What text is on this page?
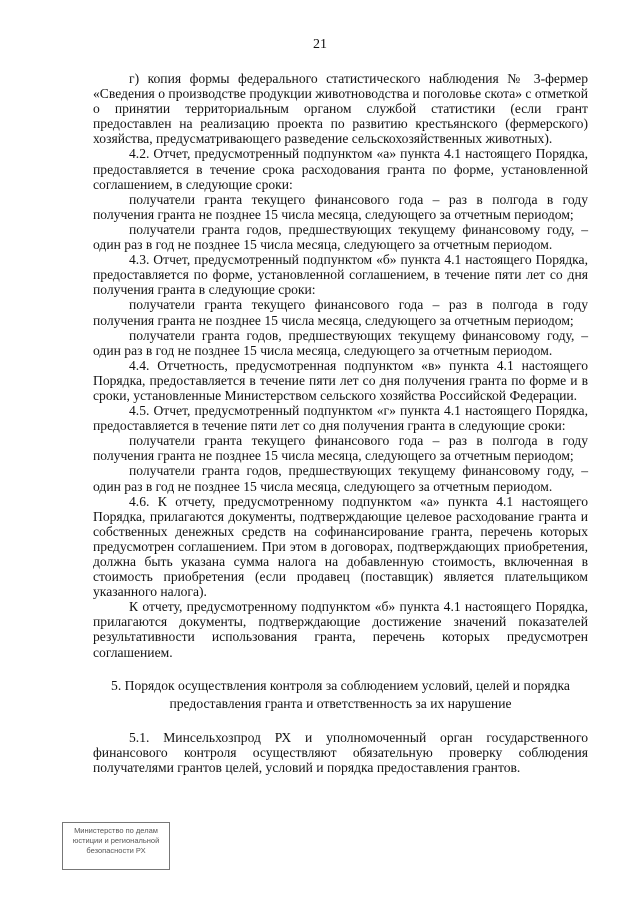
21

г) копия формы федерального статистического наблюдения № 3-фермер «Сведения о производстве продукции животноводства и поголовье скота» с отметкой о принятии территориальным органом службой статистики (если грант предоставлен на реализацию проекта по развитию крестьянского (фермерского) хозяйства, предусматривающего разведение сельскохозяйственных животных).

4.2. Отчет, предусмотренный подпунктом «а» пункта 4.1 настоящего Порядка, предоставляется в течение срока расходования гранта по форме, установленной соглашением, в следующие сроки:

получатели гранта текущего финансового года – раз в полгода в году получения гранта не позднее 15 числа месяца, следующего за отчетным периодом;

получатели гранта годов, предшествующих текущему финансовому году, – один раз в год не позднее 15 числа месяца, следующего за отчетным периодом.

4.3. Отчет, предусмотренный подпунктом «б» пункта 4.1 настоящего Порядка, предоставляется по форме, установленной соглашением, в течение пяти лет со дня получения гранта в следующие сроки:

получатели гранта текущего финансового года – раз в полгода в году получения гранта не позднее 15 числа месяца, следующего за отчетным периодом;

получатели гранта годов, предшествующих текущему финансовому году, – один раз в год не позднее 15 числа месяца, следующего за отчетным периодом.

4.4. Отчетность, предусмотренная подпунктом «в» пункта 4.1 настоящего Порядка, предоставляется в течение пяти лет со дня получения гранта по форме и в сроки, установленные Министерством сельского хозяйства Российской Федерации.

4.5. Отчет, предусмотренный подпунктом «г» пункта 4.1 настоящего Порядка, предоставляется в течение пяти лет со дня получения гранта в следующие сроки:

получатели гранта текущего финансового года – раз в полгода в году получения гранта не позднее 15 числа месяца, следующего за отчетным периодом;

получатели гранта годов, предшествующих текущему финансовому году, – один раз в год не позднее 15 числа месяца, следующего за отчетным периодом.

4.6. К отчету, предусмотренному подпунктом «а» пункта 4.1 настоящего Порядка, прилагаются документы, подтверждающие целевое расходование гранта и собственных денежных средств на софинансирование гранта, перечень которых предусмотрен соглашением. При этом в договорах, подтверждающих приобретения, должна быть указана сумма налога на добавленную стоимость, включенная в стоимость приобретения (если продавец (поставщик) является плательщиком указанного налога).

К отчету, предусмотренному подпунктом «б» пункта 4.1 настоящего Порядка, прилагаются документы, подтверждающие достижение значений показателей результативности использования гранта, перечень которых предусмотрен соглашением.

5. Порядок осуществления контроля за соблюдением условий, целей и порядка предоставления гранта и ответственность за их нарушение

5.1. Минсельхозпрод РХ и уполномоченный орган государственного финансового контроля осуществляют обязательную проверку соблюдения получателями грантов целей, условий и порядка предоставления грантов.

Министерство по делам
юстиции и региональной
безопасности РХ
